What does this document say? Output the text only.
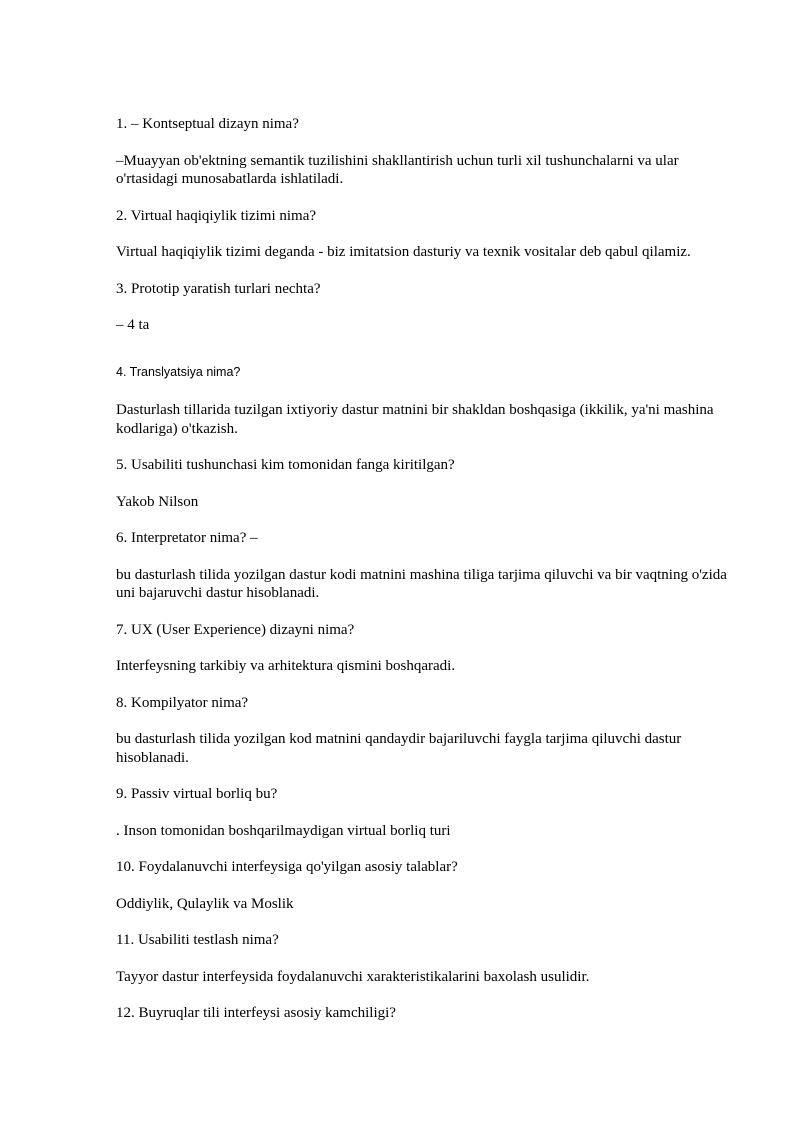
1. – Kontseptual dizayn nima?

–Muayyan ob'ektning semantik tuzilishini shakllantirish uchun turli xil tushunchalarni va ular o'rtasidagi munosabatlarda ishlatiladi.

2. Virtual haqiqiylik tizimi nima?

Virtual haqiqiylik tizimi deganda - biz imitatsion dasturiy va texnik vositalar deb qabul qilamiz.

3. Prototip yaratish turlari nechta?

– 4 ta

4. Translyatsiya nima?

Dasturlash tillarida tuzilgan ixtiyoriy dastur matnini bir shakldan boshqasiga (ikkilik, ya'ni mashina kodlariga) o'tkazish.

5. Usabiliti tushunchasi kim tomonidan fanga kiritilgan?

Yakob Nilson

6. Interpretator nima? –

bu dasturlash tilida yozilgan dastur kodi matnini mashina tiliga tarjima qiluvchi va bir vaqtning o'zida uni bajaruvchi dastur hisoblanadi.

7. UX (User Experience) dizayni nima?

Interfeysning tarkibiy va arhitektura qismini boshqaradi.

8. Kompilyator nima?

bu dasturlash tilida yozilgan kod matnini qandaydir bajariluvchi faygla tarjima qiluvchi dastur hisoblanadi.

9. Passiv virtual borliq bu?

. Inson tomonidan boshqarilmaydigan virtual borliq turi

10. Foydalanuvchi interfeysiga qo'yilgan asosiy talablar?

Oddiylik, Qulaylik va Moslik

11. Usabiliti testlash nima?

Tayyor dastur interfeysida foydalanuvchi xarakteristikalarini baxolash usulidir.

12. Buyruqlar tili interfeysi asosiy kamchiligi?
